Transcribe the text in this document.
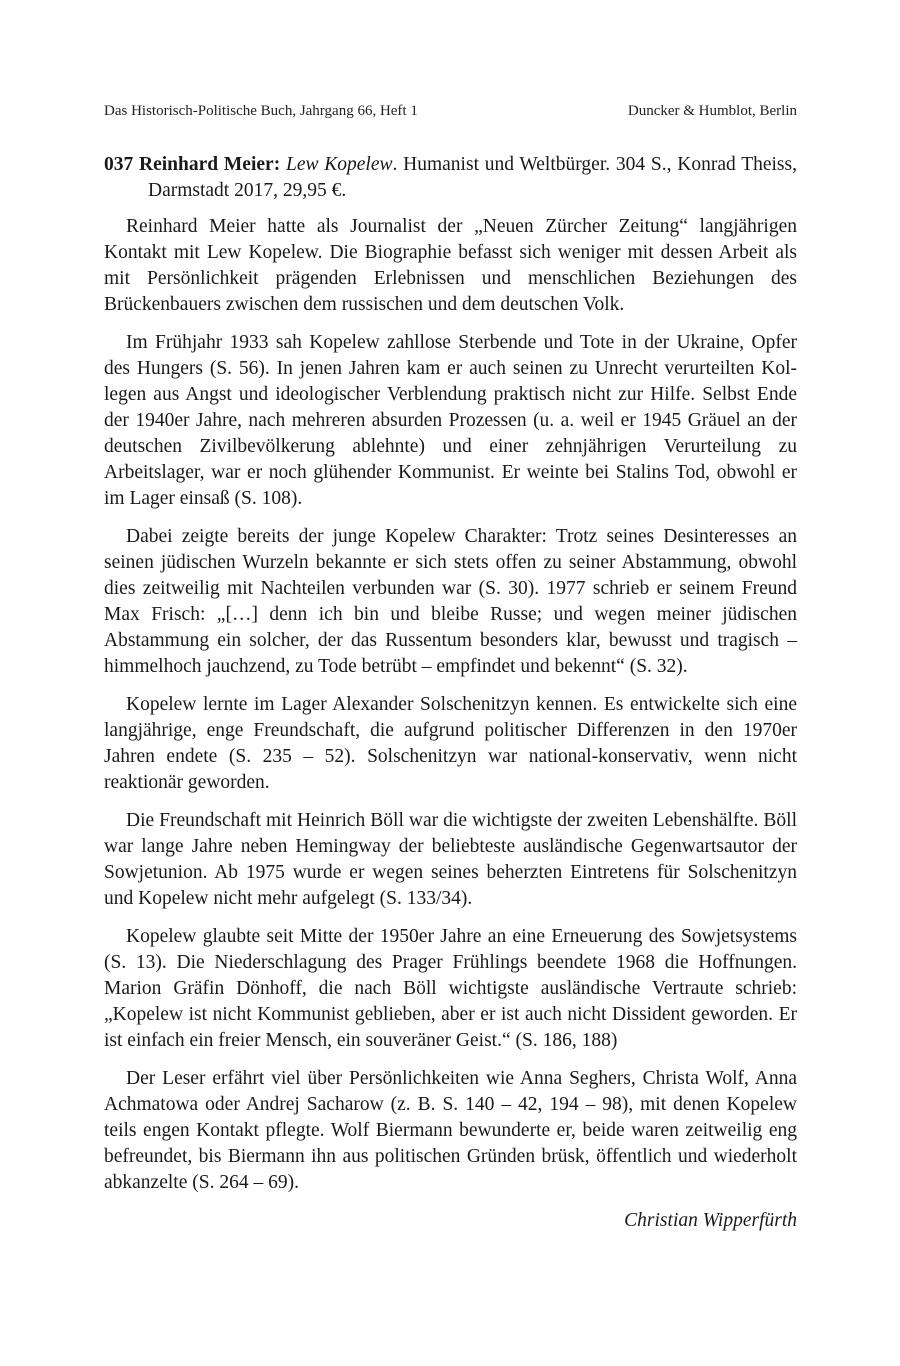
Das Historisch-Politische Buch, Jahrgang 66, Heft 1	Duncker & Humblot, Berlin

037 Reinhard Meier: Lew Kopelew. Humanist und Weltbürger. 304 S., Konrad Theiss, Darmstadt 2017, 29,95 €.

Reinhard Meier hatte als Journalist der „Neuen Zürcher Zeitung“ langjährigen Kontakt mit Lew Kopelew. Die Biographie befasst sich weniger mit dessen Arbeit als mit Persönlichkeit prägenden Erlebnissen und menschlichen Beziehungen des Brückenbauers zwischen dem russischen und dem deutschen Volk.

Im Frühjahr 1933 sah Kopelew zahllose Sterbende und Tote in der Ukraine, Opfer des Hungers (S. 56). In jenen Jahren kam er auch seinen zu Unrecht verurteilten Kollegen aus Angst und ideologischer Verblendung praktisch nicht zur Hilfe. Selbst Ende der 1940er Jahre, nach mehreren absurden Prozessen (u. a. weil er 1945 Gräuel an der deutschen Zivilbevölkerung ablehnte) und einer zehnjährigen Verurteilung zu Arbeitslager, war er noch glühender Kommunist. Er weinte bei Stalins Tod, obwohl er im Lager einsaß (S. 108).

Dabei zeigte bereits der junge Kopelew Charakter: Trotz seines Desinteresses an seinen jüdischen Wurzeln bekannte er sich stets offen zu seiner Abstammung, obwohl dies zeitweilig mit Nachteilen verbunden war (S. 30). 1977 schrieb er seinem Freund Max Frisch: „[…] denn ich bin und bleibe Russe; und wegen meiner jüdischen Abstammung ein solcher, der das Russentum besonders klar, bewusst und tragisch – himmelhoch jauchzend, zu Tode betrübt – empfindet und bekennt“ (S. 32).

Kopelew lernte im Lager Alexander Solschenitzyn kennen. Es entwickelte sich eine langjährige, enge Freundschaft, die aufgrund politischer Differenzen in den 1970er Jahren endete (S. 235 – 52). Solschenitzyn war national-konservativ, wenn nicht reaktionär geworden.

Die Freundschaft mit Heinrich Böll war die wichtigste der zweiten Lebenshälfte. Böll war lange Jahre neben Hemingway der beliebteste ausländische Gegenwartsautor der Sowjetunion. Ab 1975 wurde er wegen seines beherzten Eintretens für Solschenitzyn und Kopelew nicht mehr aufgelegt (S. 133/34).

Kopelew glaubte seit Mitte der 1950er Jahre an eine Erneuerung des Sowjetsystems (S. 13). Die Niederschlagung des Prager Frühlings beendete 1968 die Hoffnungen. Marion Gräfin Dönhoff, die nach Böll wichtigste ausländische Vertraute schrieb: „Kopelew ist nicht Kommunist geblieben, aber er ist auch nicht Dissident geworden. Er ist einfach ein freier Mensch, ein souveräner Geist.“ (S. 186, 188)

Der Leser erfährt viel über Persönlichkeiten wie Anna Seghers, Christa Wolf, Anna Achmatowa oder Andrej Sacharow (z. B. S. 140 – 42, 194 – 98), mit denen Kopelew teils engen Kontakt pflegte. Wolf Biermann bewunderte er, beide waren zeitweilig eng befreundet, bis Biermann ihn aus politischen Gründen brüsk, öffentlich und wiederholt abkanzelte (S. 264 – 69).

Christian Wipperfürth
